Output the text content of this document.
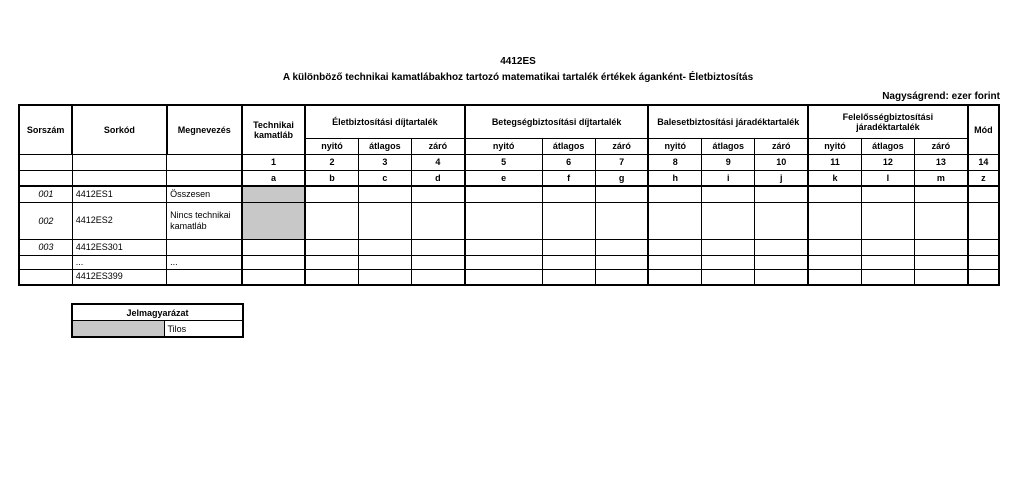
4412ES
A különböző technikai kamatlábakhoz tartozó matematikai tartalék értékek áganként- Életbiztosítás
Nagyságrend: ezer forint
Sorszám	Sorkód	Megnevezés	Technikai kamatláb	Életbiztosítási díjtartalék			Betegségbiztosítási díjtartalék			Balesetbiztosítási járadéktartalék			Felelősségbiztosítási járadéktartalék			Mód
				nyitó	átlagos	záró	nyitó	átlagos	záró	nyitó	átlagos	záró	nyitó	átlagos	záró	
			1	2	3	4	5	6	7	8	9	10	11	12	13	14
			a	b	c	d	e	f	g	h	i	j	k	l	m	z
001	4412ES1	Összesen														
002	4412ES2	Nincs technikai kamatláb														
003	4412ES301															
	...	...														
	4412ES399															
Jelmagyarázat
	Tilos
